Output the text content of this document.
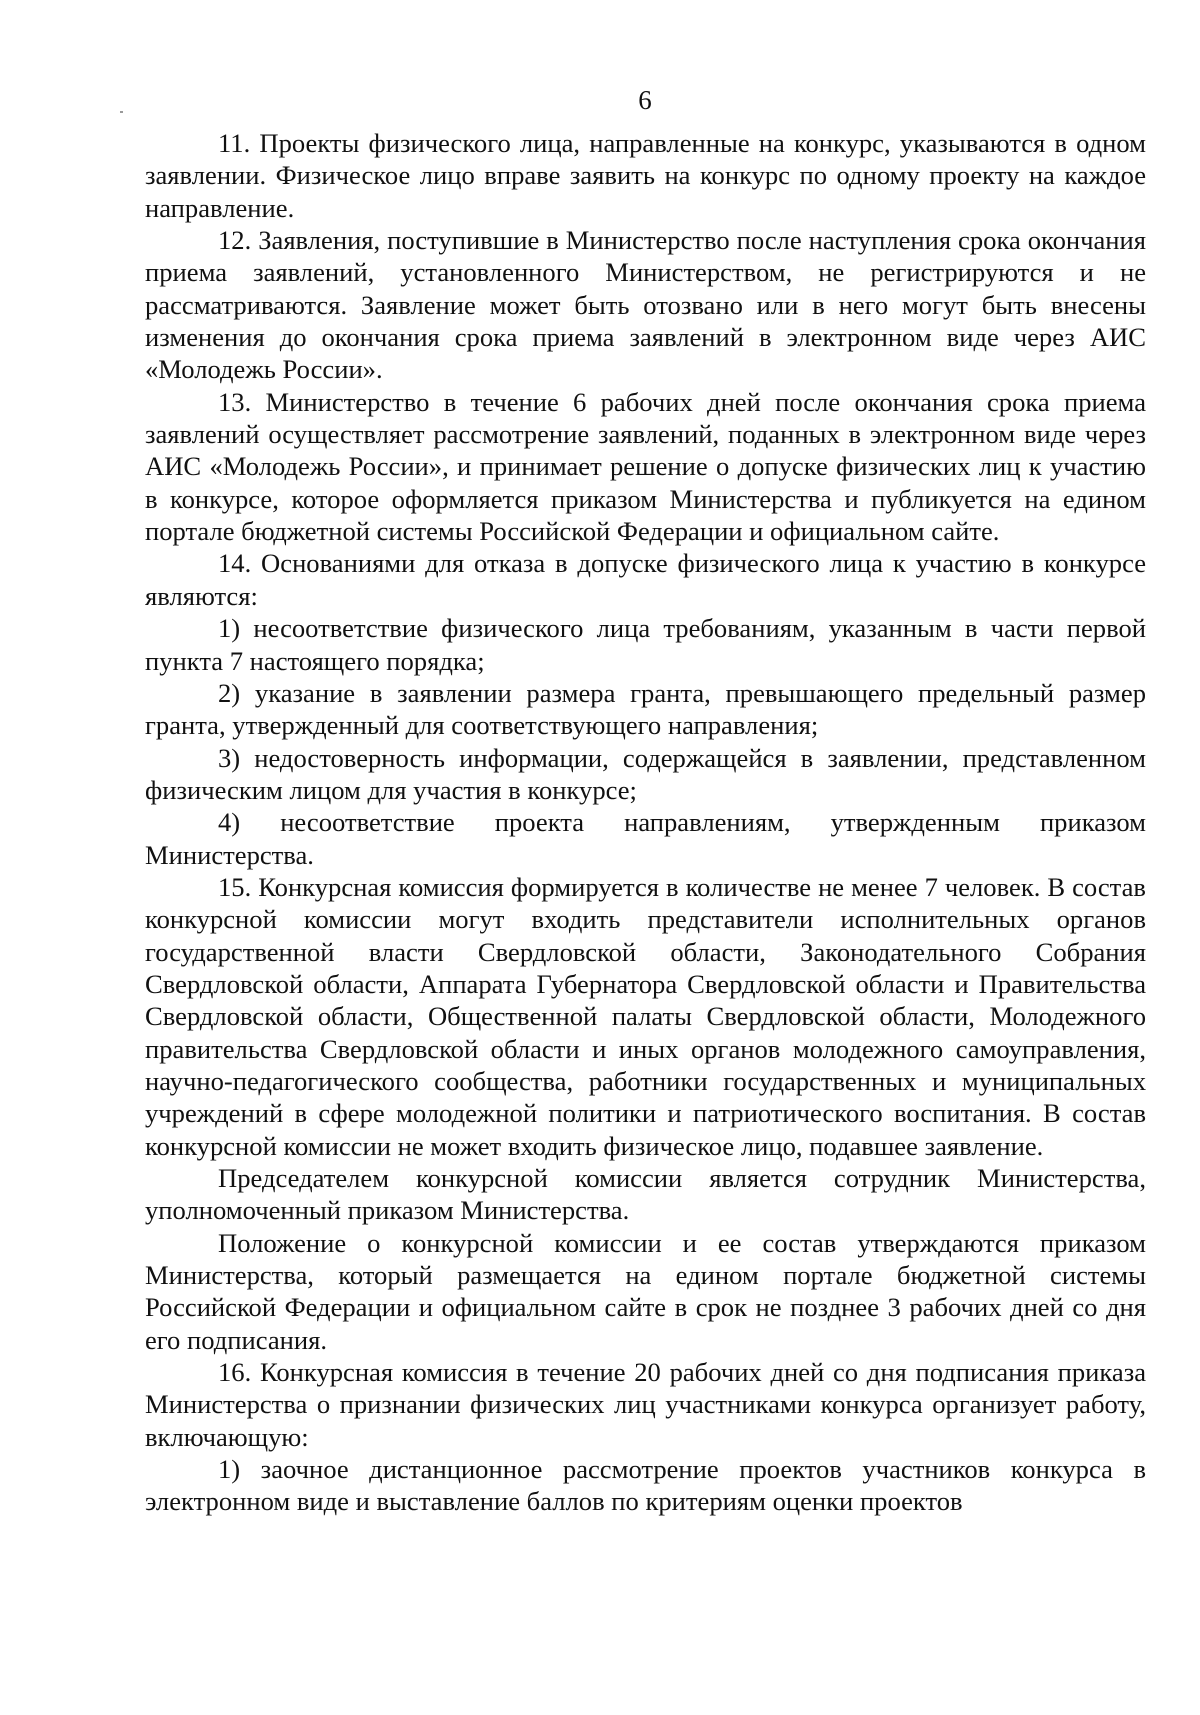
6

11. Проекты физического лица, направленные на конкурс, указываются в одном заявлении. Физическое лицо вправе заявить на конкурс по одному проекту на каждое направление.

12. Заявления, поступившие в Министерство после наступления срока окончания приема заявлений, установленного Министерством, не регистрируются и не рассматриваются. Заявление может быть отозвано или в него могут быть внесены изменения до окончания срока приема заявлений в электронном виде через АИС «Молодежь России».

13. Министерство в течение 6 рабочих дней после окончания срока приема заявлений осуществляет рассмотрение заявлений, поданных в электронном виде через АИС «Молодежь России», и принимает решение о допуске физических лиц к участию в конкурсе, которое оформляется приказом Министерства и публикуется на едином портале бюджетной системы Российской Федерации и официальном сайте.

14. Основаниями для отказа в допуске физического лица к участию в конкурсе являются:

1) несоответствие физического лица требованиям, указанным в части первой пункта 7 настоящего порядка;

2) указание в заявлении размера гранта, превышающего предельный размер гранта, утвержденный для соответствующего направления;

3) недостоверность информации, содержащейся в заявлении, представленном физическим лицом для участия в конкурсе;

4) несоответствие проекта направлениям, утвержденным приказом Министерства.

15. Конкурсная комиссия формируется в количестве не менее 7 человек. В состав конкурсной комиссии могут входить представители исполнительных органов государственной власти Свердловской области, Законодательного Собрания Свердловской области, Аппарата Губернатора Свердловской области и Правительства Свердловской области, Общественной палаты Свердловской области, Молодежного правительства Свердловской области и иных органов молодежного самоуправления, научно-педагогического сообщества, работники государственных и муниципальных учреждений в сфере молодежной политики и патриотического воспитания. В состав конкурсной комиссии не может входить физическое лицо, подавшее заявление.

Председателем конкурсной комиссии является сотрудник Министерства, уполномоченный приказом Министерства.

Положение о конкурсной комиссии и ее состав утверждаются приказом Министерства, который размещается на едином портале бюджетной системы Российской Федерации и официальном сайте в срок не позднее 3 рабочих дней со дня его подписания.

16. Конкурсная комиссия в течение 20 рабочих дней со дня подписания приказа Министерства о признании физических лиц участниками конкурса организует работу, включающую:

1) заочное дистанционное рассмотрение проектов участников конкурса в электронном виде и выставление баллов по критериям оценки проектов
